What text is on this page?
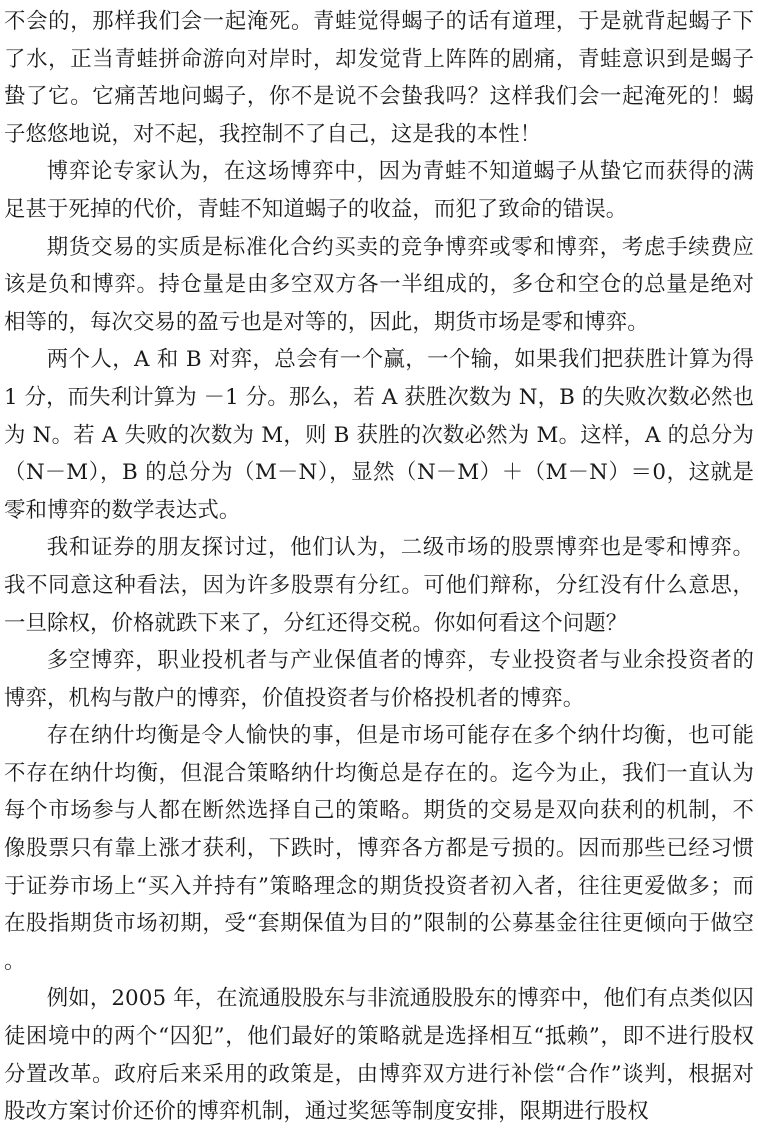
不会的，那样我们会一起淹死。青蛙觉得蝎子的话有道理，于是就背起蝎子下了水，正当青蛙拼命游向对岸时，却发觉背上阵阵的剧痛，青蛙意识到是蝎子蛰了它。它痛苦地问蝎子，你不是说不会蛰我吗？这样我们会一起淹死的！蝎子悠悠地说，对不起，我控制不了自己，这是我的本性！

博弈论专家认为，在这场博弈中，因为青蛙不知道蝎子从蛰它而获得的满足甚于死掉的代价，青蛙不知道蝎子的收益，而犯了致命的错误。

期货交易的实质是标准化合约买卖的竞争博弈或零和博弈，考虑手续费应该是负和博弈。持仓量是由多空双方各一半组成的，多仓和空仓的总量是绝对相等的，每次交易的盈亏也是对等的，因此，期货市场是零和博弈。

两个人，A 和 B 对弈，总会有一个赢，一个输，如果我们把获胜计算为得 1 分，而失利计算为 －1 分。那么，若 A 获胜次数为 N，B 的失败次数必然也为 N。若 A 失败的次数为 M，则 B 获胜的次数必然为 M。这样，A 的总分为（N－M），B 的总分为（M－N），显然（N－M）＋（M－N）＝0，这就是零和博弈的数学表达式。

我和证券的朋友探讨过，他们认为，二级市场的股票博弈也是零和博弈。我不同意这种看法，因为许多股票有分红。可他们辩称，分红没有什么意思，一旦除权，价格就跌下来了，分红还得交税。你如何看这个问题？

多空博弈，职业投机者与产业保值者的博弈，专业投资者与业余投资者的博弈，机构与散户的博弈，价值投资者与价格投机者的博弈。

存在纳什均衡是令人愉快的事，但是市场可能存在多个纳什均衡，也可能不存在纳什均衡，但混合策略纳什均衡总是存在的。迄今为止，我们一直认为每个市场参与人都在断然选择自己的策略。期货的交易是双向获利的机制，不像股票只有靠上涨才获利，下跌时，博弈各方都是亏损的。因而那些已经习惯于证券市场上“买入并持有”策略理念的期货投资者初入者，往往更爱做多；而在股指期货市场初期，受“套期保值为目的”限制的公募基金往往更倾向于做空。

例如，2005 年，在流通股股东与非流通股股东的博弈中，他们有点类似囚徒困境中的两个“囚犯”，他们最好的策略就是选择相互“抵赖”，即不进行股权分置改革。政府后来采用的政策是，由博弈双方进行补偿“合作”谈判，根据对股改方案讨价还价的博弈机制，通过奖惩等制度安排，限期进行股权
